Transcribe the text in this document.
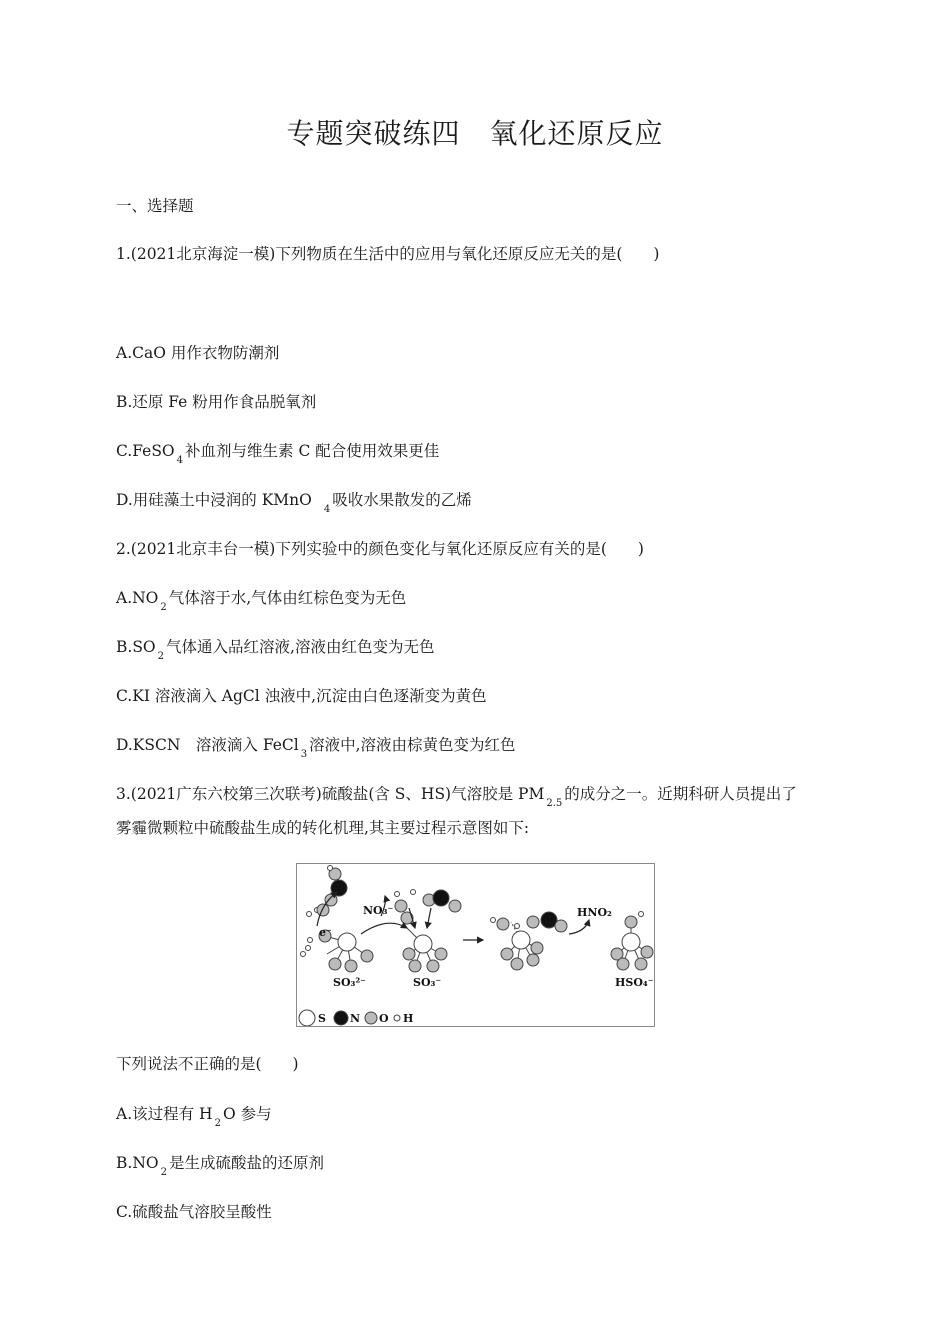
专题突破练四　氧化还原反应
一、选择题
1.(2021北京海淀一模)下列物质在生活中的应用与氧化还原反应无关的是(　　)
A.CaO 用作衣物防潮剂
B.还原 Fe 粉用作食品脱氧剂
C.FeSO$_4$补血剂与维生素 C 配合使用效果更佳
D.用硅藻土中浸润的 KMnO$_4$吸收水果散发的乙烯
2.(2021北京丰台一模)下列实验中的颜色变化与氧化还原反应有关的是(　　)
$A.NO_2$气体溶于水,气体由红棕色变为无色
$B.SO_2$气体通入品红溶液,溶液由红色变为无色
C.KI 溶液滴入 AgCl 浊液中,沉淀由白色逐渐变为黄色
D.KSCN　溶液滴入 FeCl$_3$溶液中,溶液由棕黄色变为红色
3.(2021广东六校第三次联考)硫酸盐(含 S、HS)气溶胶是 $PM_{2.5}$的成分之一。近期科研人员提出了
雾霾微颗粒中硫酸盐生成的转化机理,其主要过程示意图如下:
e⁻
NO₃⁻	HNO₂
SO₃²⁻	SO₃⁻	HSO₄⁻
S N O H
下列说法不正确的是(　　)
A.该过程有 $H_2O$ 参与
$B.NO_2$是生成硫酸盐的还原剂
C.硫酸盐气溶胶呈酸性
